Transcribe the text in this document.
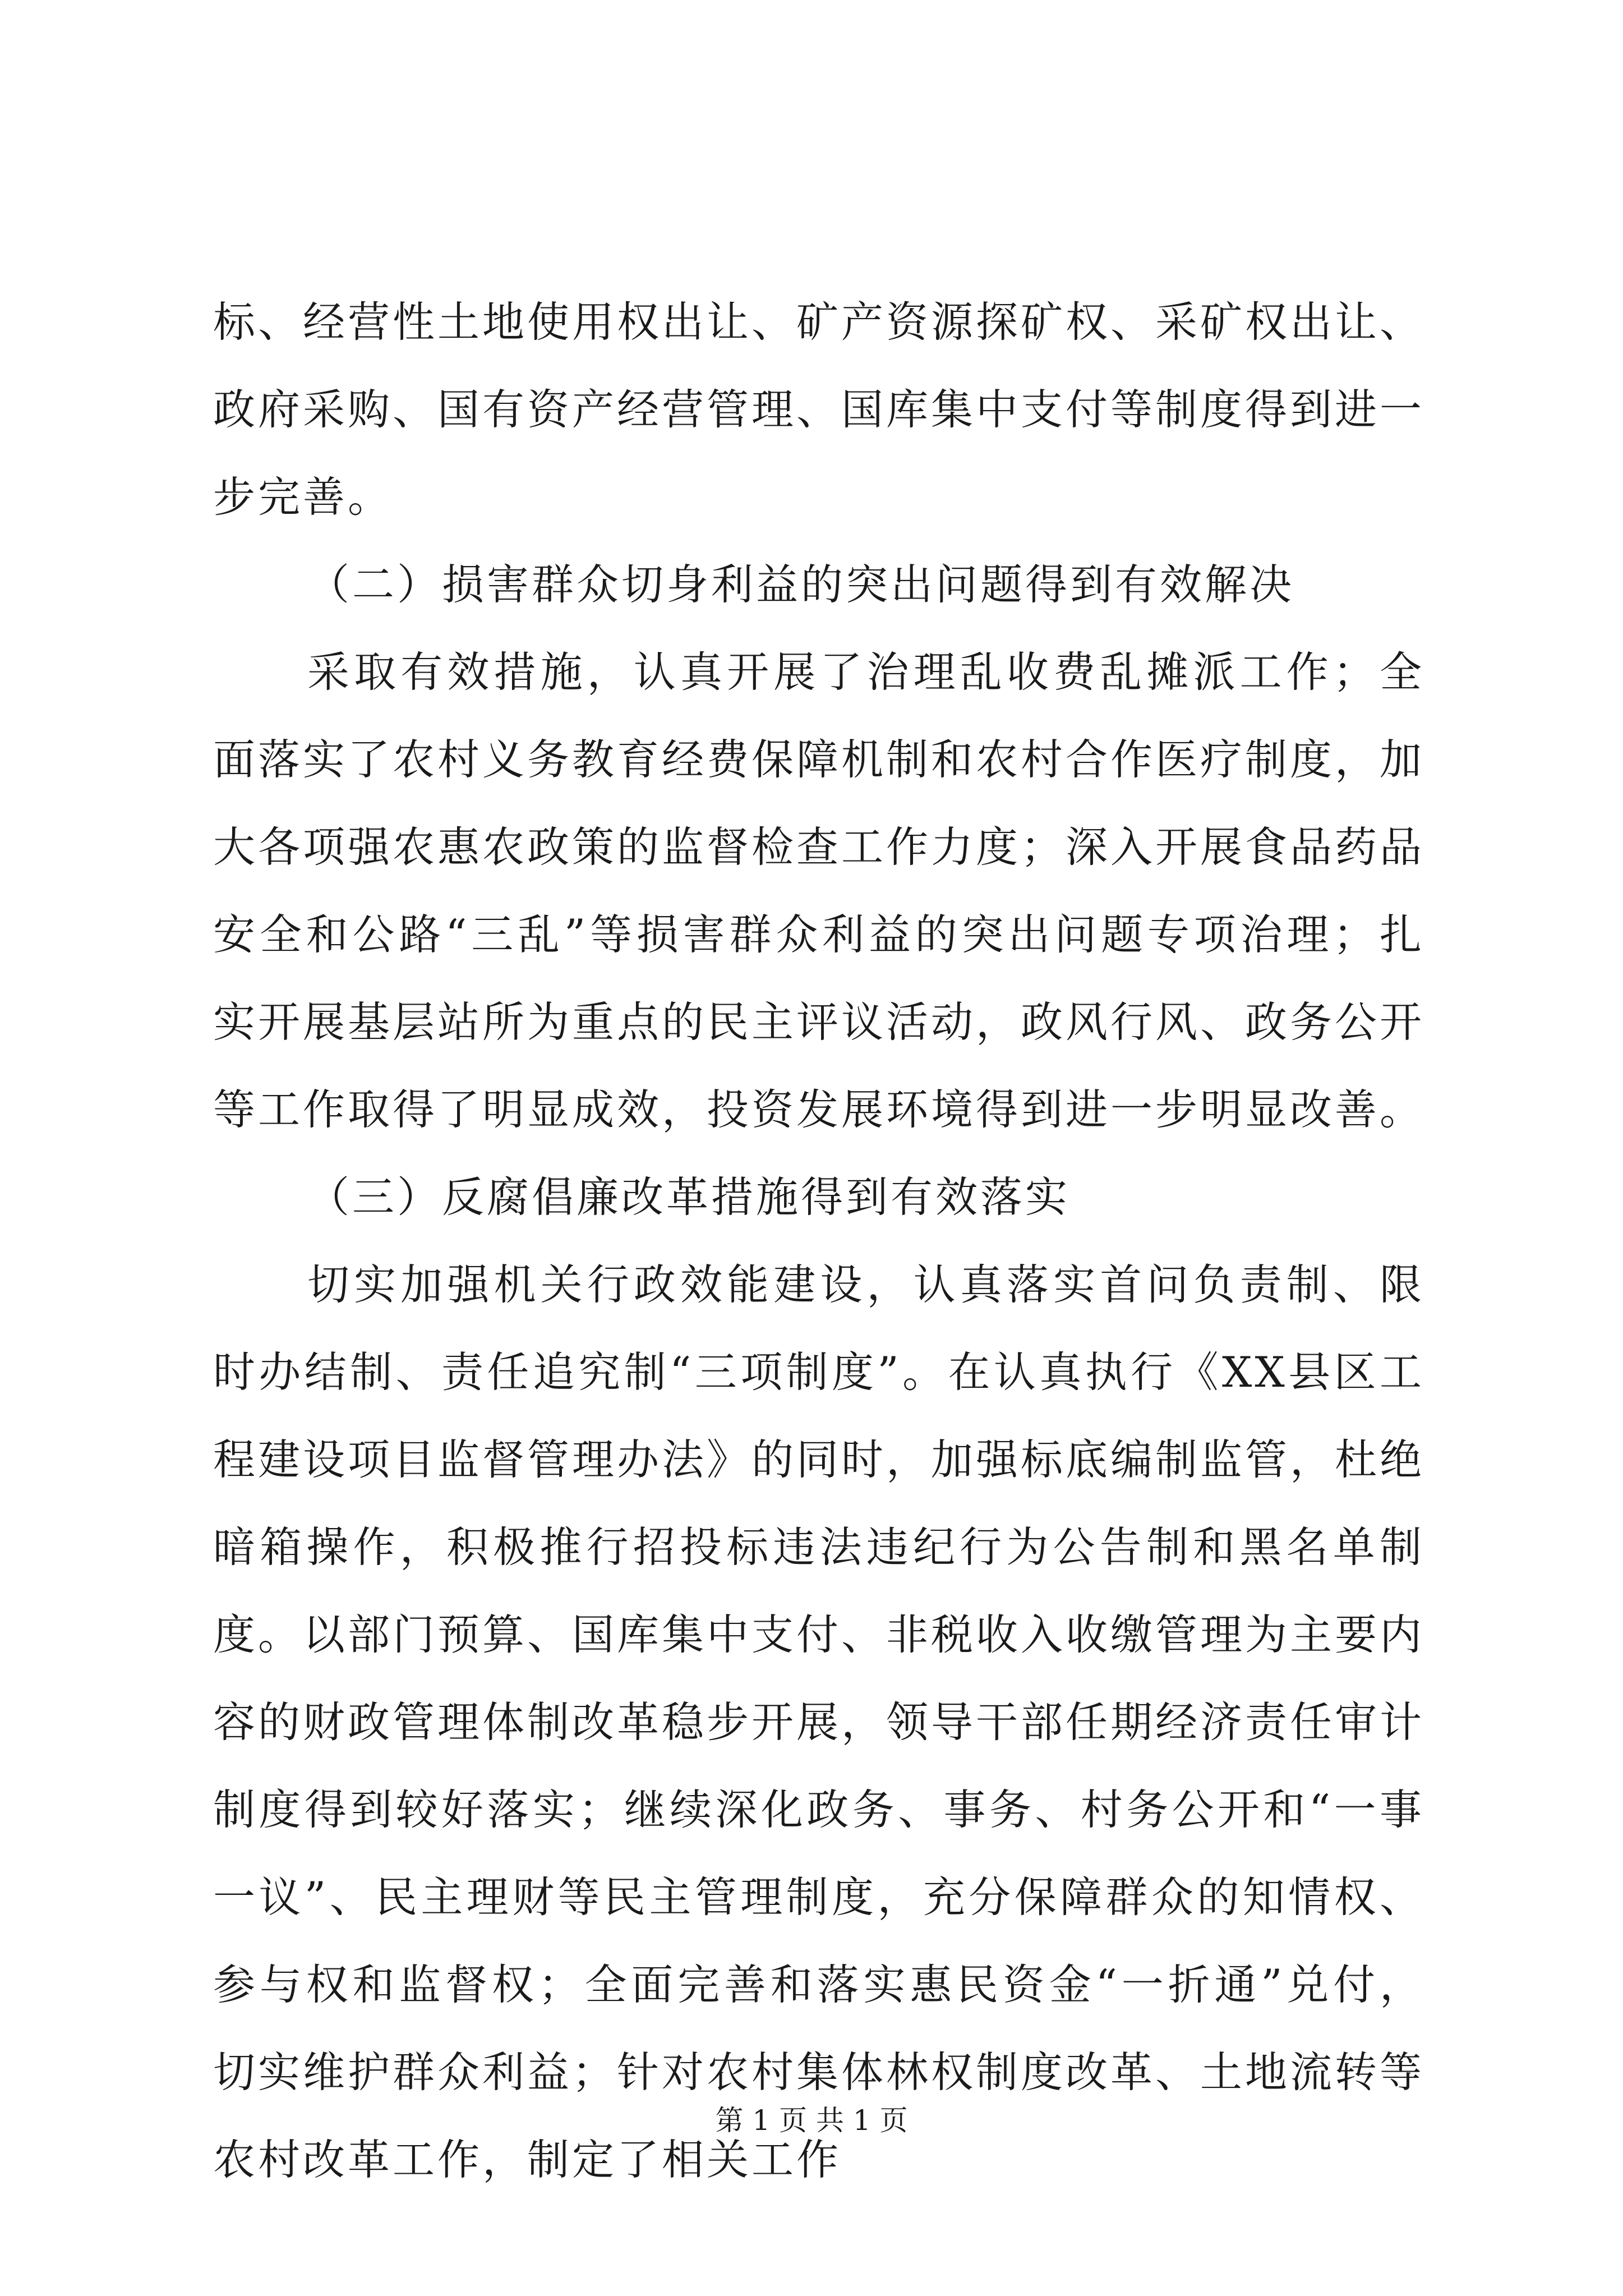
标、经营性土地使用权出让、矿产资源探矿权、采矿权出让、政府采购、国有资产经营管理、国库集中支付等制度得到进一步完善。

（二）损害群众切身利益的突出问题得到有效解决

采取有效措施，认真开展了治理乱收费乱摊派工作；全面落实了农村义务教育经费保障机制和农村合作医疗制度，加大各项强农惠农政策的监督检查工作力度；深入开展食品药品安全和公路“三乱”等损害群众利益的突出问题专项治理；扎实开展基层站所为重点的民主评议活动，政风行风、政务公开等工作取得了明显成效，投资发展环境得到进一步明显改善。

（三）反腐倡廉改革措施得到有效落实

切实加强机关行政效能建设，认真落实首问负责制、限时办结制、责任追究制“三项制度”。在认真执行《XX县区工程建设项目监督管理办法》的同时，加强标底编制监管，杜绝暗箱操作，积极推行招投标违法违纪行为公告制和黑名单制度。以部门预算、国库集中支付、非税收入收缴管理为主要内容的财政管理体制改革稳步开展，领导干部任期经济责任审计制度得到较好落实；继续深化政务、事务、村务公开和“一事一议”、民主理财等民主管理制度，充分保障群众的知情权、参与权和监督权；全面完善和落实惠民资金“一折通”兑付，切实维护群众利益；针对农村集体林权制度改革、土地流转等农村改革工作，制定了相关工作

第 1 页 共 1 页
